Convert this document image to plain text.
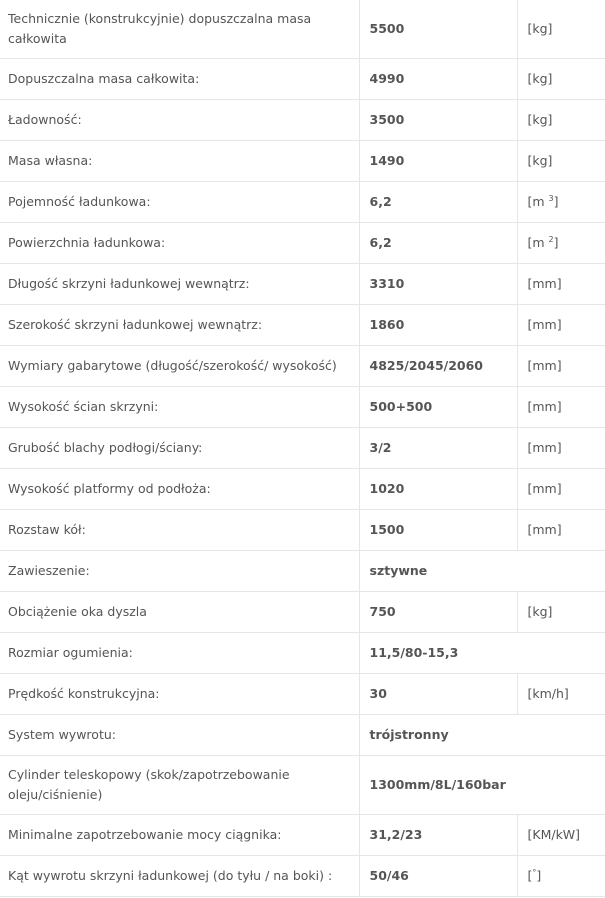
Technicznie (konstrukcyjnie) dopuszczalna masa całkowita	5500	[kg]
Dopuszczalna masa całkowita:	4990	[kg]
Ładowność:	3500	[kg]
Masa własna:	1490	[kg]
Pojemność ładunkowa:	6,2	[m $^3$]
Powierzchnia ładunkowa:	6,2	[m $^2$]
Długość skrzyni ładunkowej wewnątrz:	3310	[mm]
Szerokość skrzyni ładunkowej wewnątrz:	1860	[mm]
Wymiary gabarytowe (długość/szerokość/ wysokość)	4825/2045/2060	[mm]
Wysokość ścian skrzyni:	500+500	[mm]
Grubość blachy podłogi/ściany:	3/2	[mm]
Wysokość platformy od podłoża:	1020	[mm]
Rozstaw kół:	1500	[mm]
Zawieszenie:	sztywne	
Obciążenie oka dyszla	750	[kg]
Rozmiar ogumienia:	11,5/80-15,3	
Prędkość konstrukcyjna:	30	[km/h]
System wywrotu:	trójstronny	
Cylinder teleskopowy (skok/zapotrzebowanie oleju/ciśnienie)	1300mm/8L/160bar	
Minimalne zapotrzebowanie mocy ciągnika:	31,2/23	[KM/kW]
Kąt wywrotu skrzyni ładunkowej (do tyłu / na boki) :	50/46	[°]
